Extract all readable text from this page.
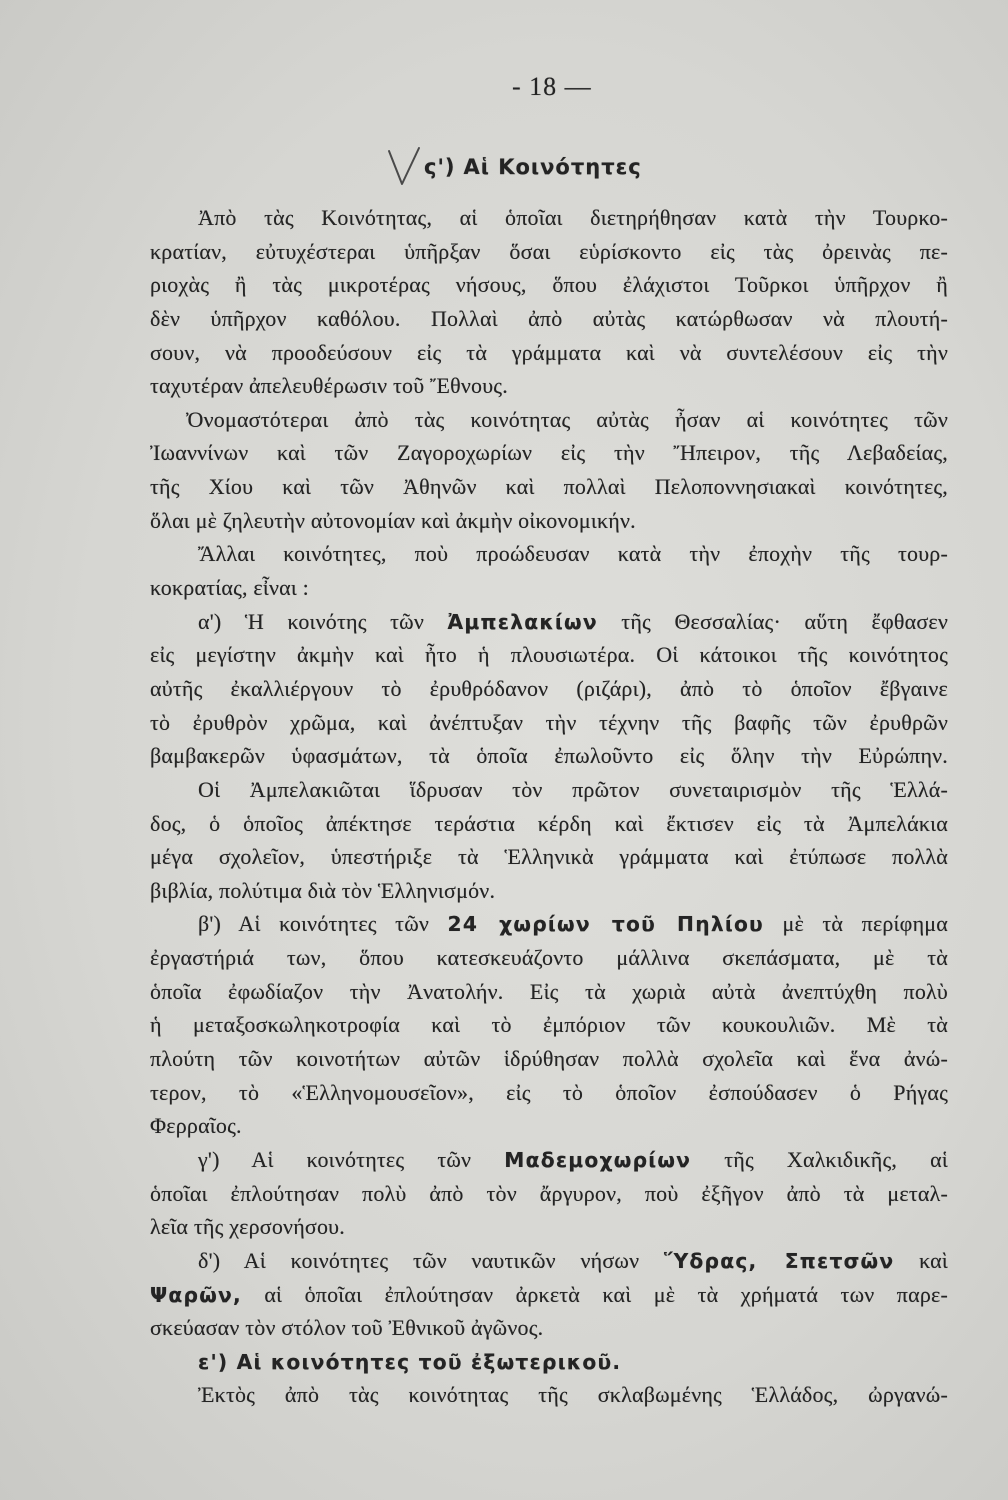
- 18 —
ς') Αἱ Κοινότητες
Ἀπὸ τὰς Κοινότητας, αἱ ὁποῖαι διετηρήθησαν κατὰ τὴν Τουρκο-
κρατίαν, εὐτυχέστεραι ὑπῆρξαν ὅσαι εὑρίσκοντο εἰς τὰς ὀρεινὰς πε-
ριοχὰς ἢ τὰς μικροτέρας νήσους, ὅπου ἐλάχιστοι Τοῦρκοι ὑπῆρχον ἢ
δὲν ὑπῆρχον καθόλου. Πολλαὶ ἀπὸ αὐτὰς κατώρθωσαν νὰ πλουτή-
σουν, νὰ προοδεύσουν εἰς τὰ γράμματα καὶ νὰ συντελέσουν εἰς τὴν
ταχυτέραν ἀπελευθέρωσιν τοῦ Ἔθνους.
Ὀνομαστότεραι ἀπὸ τὰς κοινότητας αὐτὰς ἦσαν αἱ κοινότητες τῶν
Ἰωαννίνων καὶ τῶν Ζαγοροχωρίων εἰς τὴν Ἤπειρον, τῆς Λεβαδείας,
τῆς Χίου καὶ τῶν Ἀθηνῶν καὶ πολλαὶ Πελοποννησιακαὶ κοινότητες,
ὅλαι μὲ ζηλευτὴν αὐτονομίαν καὶ ἀκμὴν οἰκονομικήν.
Ἄλλαι κοινότητες, ποὺ προώδευσαν κατὰ τὴν ἐποχὴν τῆς τουρ-
κοκρατίας, εἶναι :
α') Ἡ κοινότης τῶν Ἀμπελακίων τῆς Θεσσαλίας· αὕτη ἔφθασεν
εἰς μεγίστην ἀκμὴν καὶ ἦτο ἡ πλουσιωτέρα. Οἱ κάτοικοι τῆς κοινότητος
αὐτῆς ἐκαλλιέργουν τὸ ἐρυθρόδανον (ριζάρι), ἀπὸ τὸ ὁποῖον ἔβγαινε
τὸ ἐρυθρὸν χρῶμα, καὶ ἀνέπτυξαν τὴν τέχνην τῆς βαφῆς τῶν ἐρυθρῶν
βαμβακερῶν ὑφασμάτων, τὰ ὁποῖα ἐπωλοῦντο εἰς ὅλην τὴν Εὐρώπην.
Οἱ Ἀμπελακιῶται ἵδρυσαν τὸν πρῶτον συνεταιρισμὸν τῆς Ἑλλά-
δος, ὁ ὁποῖος ἀπέκτησε τεράστια κέρδη καὶ ἔκτισεν εἰς τὰ Ἀμπελάκια
μέγα σχολεῖον, ὑπεστήριξε τὰ Ἑλληνικὰ γράμματα καὶ ἐτύπωσε πολλὰ
βιβλία, πολύτιμα διὰ τὸν Ἑλληνισμόν.
β') Αἱ κοινότητες τῶν 24 χωρίων τοῦ Πηλίου μὲ τὰ περίφημα
ἐργαστήριά των, ὅπου κατεσκευάζοντο μάλλινα σκεπάσματα, μὲ τὰ
ὁποῖα ἐφωδίαζον τὴν Ἀνατολήν. Εἰς τὰ χωριὰ αὐτὰ ἀνεπτύχθη πολὺ
ἡ μεταξοσκωληκοτροφία καὶ τὸ ἐμπόριον τῶν κουκουλιῶν. Μὲ τὰ
πλούτη τῶν κοινοτήτων αὐτῶν ἱδρύθησαν πολλὰ σχολεῖα καὶ ἕνα ἀνώ-
τερον, τὸ «Ἑλληνομουσεῖον», εἰς τὸ ὁποῖον ἐσπούδασεν ὁ Ρήγας
Φερραῖος.
γ') Αἱ κοινότητες τῶν Μαδεμοχωρίων τῆς Χαλκιδικῆς, αἱ
ὁποῖαι ἐπλούτησαν πολὺ ἀπὸ τὸν ἄργυρον, ποὺ ἐξῆγον ἀπὸ τὰ μεταλ-
λεῖα τῆς χερσονήσου.
δ') Αἱ κοινότητες τῶν ναυτικῶν νήσων Ὕδρας, Σπετσῶν καὶ
Ψαρῶν, αἱ ὁποῖαι ἐπλούτησαν ἀρκετὰ καὶ μὲ τὰ χρήματά των παρε-
σκεύασαν τὸν στόλον τοῦ Ἐθνικοῦ ἀγῶνος.
ε') Αἱ κοινότητες τοῦ ἐξωτερικοῦ.
Ἐκτὸς ἀπὸ τὰς κοινότητας τῆς σκλαβωμένης Ἑλλάδος, ὠργανώ-
